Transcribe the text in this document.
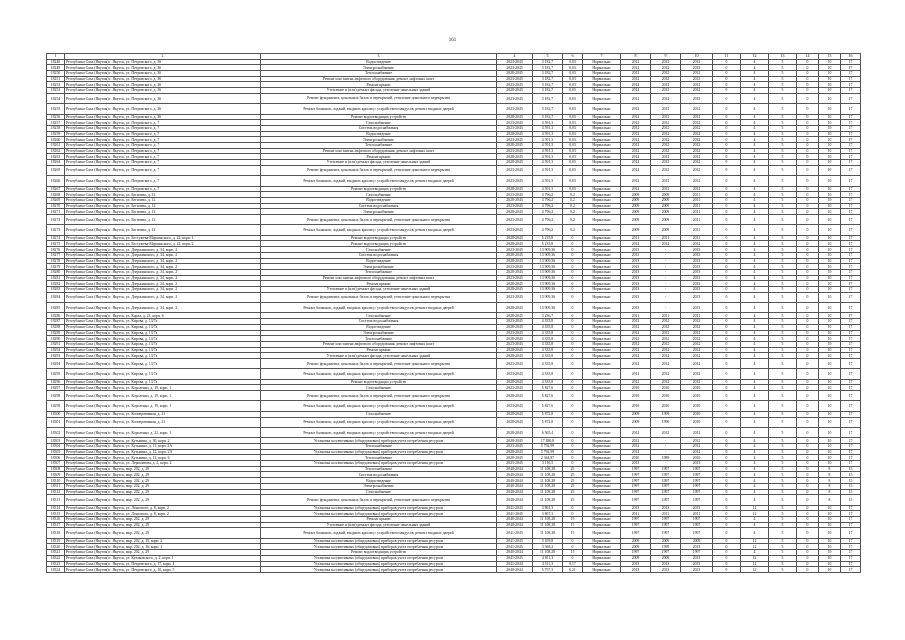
161
1	2	3	4	5	6	7	8	9	10	11	12	13	14	15	16
18248	Республика Саха (Якутия) г. Якутск, ул. Петровского, д. 36	Водоотведение	2023-2045	3 182,7	0,03	Нормально	2012	2012	2012	0	4	5	0	10	17
18249	Республика Саха (Якутия) г. Якутск, ул. Петровского, д. 36	Электроснабжение	2023-2045	3 182,7	0,03	Нормально	2012	2012	2013	0	4	5	0	10	17
18250	Республика Саха (Якутия) г. Якутск, ул. Петровского, д. 36	Теплоснабжение	2028-2045	3 182,7	0,03	Нормально	2012	2012	2012	0	4	5	0	10	17
18251	Республика Саха (Якутия) г. Якутск, ул. Петровского, д. 36	Ремонт или замена лифтового оборудования, ремонт лифтовых шахт	2023-2045	3 182,7	0,03	Нормально	2012	2012	2013	0	4	5	0	10	17
18252	Республика Саха (Якутия) г. Якутск, ул. Петровского, д. 36	Ремонт крыши	2023-2045	3 182,7	0,03	Нормально	2012	2012	2012	0	4	5	0	10	17
18253	Республика Саха (Якутия) г. Якутск, ул. Петровского, д. 36	Утепление и (или) ремонт фасада, утепление панельных зданий	2028-2045	3 182,7	0,03	Нормально	2012	2012	2012	0	4	5	0	10	17
18254	Республика Саха (Якутия) г. Якутск, ул. Петровского, д. 36	Ремонт фундамента, цокольных балок и перекрытий, утепление цокольного перекрытия	2023-2045	3 182,7	0,03	Нормально	2012	2012	2013	0	4	5	0	10	17
18255	Республика Саха (Якутия) г. Якутск, ул. Петровского, д. 36	Ремонт балконов, лоджий, входных крылец с устройством пандусов, ремонт входных дверей	2023-2045	3 182,7	0,03	Нормально	2012	2012	2012	0	4	5	0	10	17
18256	Республика Саха (Якутия) г. Якутск, ул. Петровского, д. 36	Ремонт водоотводящих устройств	2028-2045	3 182,7	0,03	Нормально	2012	2012	2012	0	4	5	0	10	17
18257	Республика Саха (Якутия) г. Якутск, ул. Петровского, д. 7	Газоснабжение	2023-2045	4 591,3	0,03	Нормально	2012	2012	2012	0	4	5	0	10	17
18258	Республика Саха (Якутия) г. Якутск, ул. Петровского, д. 7	Система водоснабжения	2023-2045	4 591,3	0,03	Нормально	2012	2012	2012	0	4	5	0	10	17
18259	Республика Саха (Якутия) г. Якутск, ул. Петровского, д. 7	Водоотведение	2028-2045	4 591,3	0,03	Нормально	2012	2012	2012	0	4	5	0	10	17
18260	Республика Саха (Якутия) г. Якутск, ул. Петровского, д. 7	Электроснабжение	2023-2045	4 591,3	0,03	Нормально	2012	2012	2012	0	4	5	0	10	17
18261	Республика Саха (Якутия) г. Якутск, ул. Петровского, д. 7	Теплоснабжение	2028-2045	4 591,3	0,03	Нормально	2012	2012	2012	0	4	5	0	10	17
18262	Республика Саха (Якутия) г. Якутск, ул. Петровского, д. 7	Ремонт или замена лифтового оборудования, ремонт лифтовых шахт	2023-2045	4 591,3	0,03	Нормально	2012	2012	2012	0	4	5	0	10	17
18263	Республика Саха (Якутия) г. Якутск, ул. Петровского, д. 7	Ремонт крыши	2028-2045	4 591,3	0,03	Нормально	2012	2012	2012	0	4	5	0	10	17
18264	Республика Саха (Якутия) г. Якутск, ул. Петровского, д. 7	Утепление и (или) ремонт фасада, утепление панельных зданий	2028-2045	4 591,3	0,03	Нормально	2012	2012	2012	0	4	5	0	10	17
18265	Республика Саха (Якутия) г. Якутск, ул. Петровского, д. 7	Ремонт фундамента, цокольных балок и перекрытий, утепление цокольного перекрытия	2023-2045	4 591,3	0,03	Нормально	2012	2012	2012	0	4	5	0	10	17
18266	Республика Саха (Якутия) г. Якутск, ул. Петровского, д. 7	Ремонт балконов, лоджий, входных крылец с устройством пандусов, ремонт входных дверей	2023-2045	4 591,3	0,03	Нормально	2012	2012	2012	0	4	5	0	10	17
18267	Республика Саха (Якутия) г. Якутск, ул. Петровского, д. 7	Ремонт водоотводящих устройств	2028-2045	4 591,3	0,03	Нормально	2012	2012	2012	0	4	5	0	10	17
18268	Республика Саха (Якутия) г. Якутск, ул. Бегичева, д. 12	Газоснабжение	2023-2045	4 796,2	0,2	Нормально	2009	2009	2011	0	4	5	0	10	17
18269	Республика Саха (Якутия) г. Якутск, ул. Бегичева, д. 12	Водоотведение	2028-2045	4 796,2	0,2	Нормально	2009	2009	2011	0	4	5	0	10	17
18270	Республика Саха (Якутия) г. Якутск, ул. Бегичева, д. 12	Система водоснабжения	2023-2045	4 796,2	0,2	Нормально	2009	2009	2011	0	4	5	0	10	17
18271	Республика Саха (Якутия) г. Якутск, ул. Бегичева, д. 12	Электроснабжение	2028-2045	4 796,2	0,2	Нормально	2009	2009	2011	0	4	5	0	10	17
18272	Республика Саха (Якутия) г. Якутск, ул. Бегичева, д. 12	Ремонт фундамента, цокольных балок и перекрытий, утепление цокольного перекрытия	2023-2045	4 796,2	0,2	Нормально	2009	2009	2011	0	4	5	0	10	17
18273	Республика Саха (Якутия) г. Якутск, ул. Бегичева, д. 12	Ремонт балконов, лоджий, входных крылец с устройством пандусов, ремонт входных дверей	2023-2045	4 796,2	0,2	Нормально	2009	2009	2011	0	4	5	0	10	17
18274	Республика Саха (Якутия) г. Якутск, ул. Бестужева-Марлинского, д. 22, корп. 1	Ремонт водоотводящих устройств	2028-2045	5 235,8	0	Нормально	2011	2011	2011	0	4	5	0	10	17
18275	Республика Саха (Якутия) г. Якутск, ул. Бестужева-Марлинского, д. 22, корп. 2	Ремонт водоотводящих устройств	2028-2045	5 235,8	0	Нормально	2012	2012	2012	0	4	5	0	10	17
18276	Республика Саха (Якутия) г. Якутск, ул. Дзержинского, д. 34, корп. 2	Газоснабжение	2023-2045	13 909,36	0	Нормально	2013	-	2013	0	4	5	0	10	17
18277	Республика Саха (Якутия) г. Якутск, ул. Дзержинского, д. 34, корп. 2	Система водоснабжения	2028-2045	13 909,36	0	Нормально	2013	-	2013	0	4	5	0	10	17
18278	Республика Саха (Якутия) г. Якутск, ул. Дзержинского, д. 34, корп. 2	Водоотведение	2028-2045	13 909,36	0	Нормально	2013	-	2013	0	4	5	0	10	17
18279	Республика Саха (Якутия) г. Якутск, ул. Дзержинского, д. 34, корп. 2	Электроснабжение	2023-2045	13 909,36	0	Нормально	2013	-	2013	0	4	5	0	10	17
18280	Республика Саха (Якутия) г. Якутск, ул. Дзержинского, д. 34, корп. 2	Теплоснабжение	2028-2045	13 909,36	0	Нормально	2013	-	2013	0	4	5	0	10	17
18281	Республика Саха (Якутия) г. Якутск, ул. Дзержинского, д. 34, корп. 2	Ремонт или замена лифтового оборудования, ремонт лифтовых шахт	2023-2045	13 909,36	0	Нормально	2013	-	2013	0	4	5	0	10	17
18282	Республика Саха (Якутия) г. Якутск, ул. Дзержинского, д. 34, корп. 2	Ремонт крыши	2028-2045	13 909,36	0	Нормально	2013	-	2013	0	4	5	0	10	17
18283	Республика Саха (Якутия) г. Якутск, ул. Дзержинского, д. 34, корп. 2	Утепление и (или) ремонт фасада, утепление панельных зданий	2028-2045	13 909,36	0	Нормально	2013	-	2013	0	4	5	0	10	17
18284	Республика Саха (Якутия) г. Якутск, ул. Дзержинского, д. 34, корп. 2	Ремонт фундамента, цокольных балок и перекрытий, утепление цокольного перекрытия	2023-2045	13 909,36	0	Нормально	2013	-	2013	0	4	5	0	10	17
18285	Республика Саха (Якутия) г. Якутск, ул. Дзержинского, д. 34, корп. 2	Ремонт балконов, лоджий, входных крылец с устройством пандусов, ремонт входных дверей	2028-2045	13 909,36	0	Нормально	2013	-	2013	0	4	5	0	10	17
18286	Республика Саха (Якутия) г. Якутск, ул. Карла, д. 23, корп. 6	Газоснабжение	2028-2045	3 236,7	0	Нормально	2011	2011	2011	0	4	5	0	10	17
18287	Республика Саха (Якутия) г. Якутск, ул. Кирова, д. 13/7а	Система водоснабжения	2023-2045	4 335,8	0	Нормально	2012	2012	2012	0	4	5	0	10	17
18288	Республика Саха (Якутия) г. Якутск, ул. Кирова, д. 13/7а	Водоотведение	2028-2045	4 335,8	0	Нормально	2012	2012	2012	0	4	5	0	10	17
18289	Республика Саха (Якутия) г. Якутск, ул. Кирова, д. 13/7а	Электроснабжение	2023-2045	4 335,8	0	Нормально	2012	2012	2012	0	4	5	0	10	17
18290	Республика Саха (Якутия) г. Якутск, ул. Кирова, д. 13/7а	Теплоснабжение	2028-2045	4 335,8	0	Нормально	2012	2012	2012	0	4	5	0	10	17
18291	Республика Саха (Якутия) г. Якутск, ул. Кирова, д. 13/7а	Ремонт или замена лифтового оборудования, ремонт лифтовых шахт	2023-2045	4 335,8	0	Нормально	2012	2012	2012	0	4	5	0	10	17
18292	Республика Саха (Якутия) г. Якутск, ул. Кирова, д. 13/7а	Ремонт крыши	2028-2045	4 335,8	0	Нормально	2012	2012	2012	0	4	5	0	10	17
18293	Республика Саха (Якутия) г. Якутск, ул. Кирова, д. 13/7а	Утепление и (или) ремонт фасада, утепление панельных зданий	2028-2045	4 335,8	0	Нормально	2012	2012	2012	0	4	5	0	10	17
18294	Республика Саха (Якутия) г. Якутск, ул. Кирова, д. 13/7а	Ремонт фундамента, цокольных балок и перекрытий, утепление цокольного перекрытия	2023-2045	4 335,8	0	Нормально	2012	2012	2012	0	4	5	0	10	17
18295	Республика Саха (Якутия) г. Якутск, ул. Кирова, д. 13/7а	Ремонт балконов, лоджий, входных крылец с устройством пандусов, ремонт входных дверей	2023-2045	4 335,8	0	Нормально	2012	2012	2012	0	4	5	0	10	17
18296	Республика Саха (Якутия) г. Якутск, ул. Кирова, д. 13/7а	Ремонт водоотводящих устройств	2028-2045	4 335,8	0	Нормально	2012	2012	2012	0	4	5	0	10	17
18297	Республика Саха (Якутия) г. Якутск, ул. Короленко, д. 19, корп. 1	Газоснабжение	2023-2045	5 827,6	0	Нормально	2010	2010	2010	0	4	5	0	10	17
18298	Республика Саха (Якутия) г. Якутск, ул. Короленко, д. 19, корп. 1	Ремонт фундамента, цокольных балок и перекрытий, утепление цокольного перекрытия	2028-2045	5 827,6	0	Нормально	2010	2010	2010	0	4	5	0	10	17
18299	Республика Саха (Якутия) г. Якутск, ул. Короленко, д. 19, корп. 1	Ремонт балконов, лоджий, входных крылец с устройством пандусов, ремонт входных дверей	2023-2045	5 827,6	0	Нормально	2010	2010	2010	0	4	5	0	10	17
18300	Республика Саха (Якутия) г. Якутск, ул. Кооперативная, д. 21	Газоснабжение	2028-2045	5 872,8	0	Нормально	2009	1999	2010	0	4	5	0	10	17
18301	Республика Саха (Якутия) г. Якутск, ул. Кооперативная, д. 21	Ремонт балконов, лоджий, входных крылец с устройством пандусов, ремонт входных дверей	2028-2045	5 872,8	0	Нормально	2009	1996	2010	0	4	5	0	10	17
18302	Республика Саха (Якутия) г. Якутск, ул. Короленко, д. 21, корп. 1	Ремонт балконов, лоджий, входных крылец с устройством пандусов, ремонт входных дверей	2028-2045	6 365,4	0	Нормально	2012	2012	2012	0	4	5	0	10	17
18303	Республика Саха (Якутия) г. Якутск, ул. Кузьмина, д. 30, корп. 2	Установка коллективных (общедомовых) приборов учета потребления ресурсов	2028-2045	17 480,8	0	Нормально	2012	-	2012	0	4	5	0	10	17
18304	Республика Саха (Якутия) г. Якутск, ул. Кузьмина, д. 11, корп. 2А	Теплоснабжение	2023-2045	5 792,99	0	Нормально	2012	-	2012	0	4	5	0	10	17
18305	Республика Саха (Якутия) г. Якутск, ул. Кузьмина, д. 12, корп. 2А	Установка коллективных (общедомовых) приборов учета потребления ресурсов	2028-2045	5 792,99	0	Нормально	2012	-	2012	0	4	5	0	10	17
18306	Республика Саха (Якутия) г. Якутск, ул. Кузьмина, д. 12, корп. 6	Теплоснабжение	2028-2045	2 344,87	0	Нормально	2010	1989	2010	0	4	5	0	10	17
18307	Республика Саха (Якутия) г. Якутск, ул. Лермонтова, д. 2, корп. 2	Установка коллективных (общедомовых) приборов учета потребления ресурсов	2023-2045	3 116,5	0	Нормально	2013	-	2013	0	4	5	0	10	17
18308	Республика Саха (Якутия) г. Якутск, мкр. 202, д. 29	Теплоснабжение	2040-2044	11 108,28	25	Нормально	1997	1997	1997	0	4	5	0	8	15
18309	Республика Саха (Якутия) г. Якутск, мкр. 202, д. 29	Система водоснабжения	2040-2044	11 108,28	25	Нормально	1997	1997	1997	0	4	5	0	8	15
18310	Республика Саха (Якутия) г. Якутск, мкр. 202, д. 29	Водоотведение	2040-2044	11 108,28	25	Нормально	1997	1997	1997	0	4	5	0	8	15
18311	Республика Саха (Якутия) г. Якутск, мкр. 202, д. 29	Электроснабжение	2040-2044	11 108,28	25	Нормально	1997	1997	1997	0	4	5	0	8	15
18312	Республика Саха (Якутия) г. Якутск, мкр. 202, д. 29	Газоснабжение	2040-2044	11 108,28	25	Нормально	1997	1997	1997	0	4	5	0	8	15
18313	Республика Саха (Якутия) г. Якутск, мкр. 202, д. 29	Ремонт фундамента, цокольных балок и перекрытий, утепление цокольного перекрытия	2040-2044	11 108,28	25	Нормально	1997	1997	1997	0	4	5	0	8	15
18314	Республика Саха (Якутия) г. Якутск, ул. Лонгового, д. 8, корп. 2	Установка коллективных (общедомовых) приборов учета потребления ресурсов	2041-2045	3 861,3	0	Нормально	2013	2013	2013	0	12	5	0	10	17
18315	Республика Саха (Якутия) г. Якутск, ул. Лонгового, д. 8, корп. 2	Установка коллективных (общедомовых) приборов учета потребления ресурсов	2041-2045	3 867,3	0	Нормально	2011	2011	2011	0	12	5	0	10	17
18316	Республика Саха (Якутия) г. Якутск, мкр. 202, д. 29	Ремонт крыши	2040-2044	11 108,28	15	Нормально	1997	1997	1997	0	4	5	0	10	17
18317	Республика Саха (Якутия) г. Якутск, мкр. 202, д. 29	Утепление и (или) ремонт фасада, утепление панельных зданий	2040-2044	11 108,28	15	Нормально	1997	1997	1997	0	4	5	0	10	17
18318	Республика Саха (Якутия) г. Якутск, мкр. 202, д. 29	Ремонт балконов, лоджий, входных крылец с устройством пандусов, ремонт входных дверей	2041-2045	11 108,28	15	Нормально	1997	1997	1997	0	4	5	0	10	17
18319	Республика Саха (Якутия) г. Якутск, мкр. 202, д. 19, корп. 2	Установка коллективных (общедомовых) приборов учета потребления ресурсов	2041-2045	3 459,8	0	Нормально	2009	2009	2009	0	12	5	0	10	17
18320	Республика Саха (Якутия) г. Якутск, мкр. 202, д. 16, корп. 1	Установка коллективных (общедомовых) приборов учета потребления ресурсов	2041-2045	3 368,2	0	Нормально	2009	1999	2013	0	12	5	0	10	17
18321	Республика Саха (Якутия) г. Якутск, мкр. 202, д. 29	Ремонт водоотводящих устройств	2040-2044	11 108,28	15	Нормально	1997	1997	1997	0	4	5	0	10	17
18322	Республика Саха (Якутия) г. Якутск, ул. Кулаковского, д. 2, корп. 1	Установка коллективных (общедомовых) приборов учета потребления ресурсов	2041-2045	4 811,3	0	Нормально	2009	2009	2013	0	12	5	0	10	17
18323	Республика Саха (Якутия) г. Якутск, ул. Петровского, д. 17, корп. 4	Установка коллективных (общедомовых) приборов учета потребления ресурсов	2041-2044	4 511,3	0,17	Нормально	2013	2013	2013	0	12	5	0	10	17
18324	Республика Саха (Якутия) г. Якутск, ул. Петровского, д. 10, корп. 5	Установка коллективных (общедомовых) приборов учета потребления ресурсов	2040-2044	5 757,3	0,21	Нормально	2013	2013	2013	0	12	5	0	10	17
